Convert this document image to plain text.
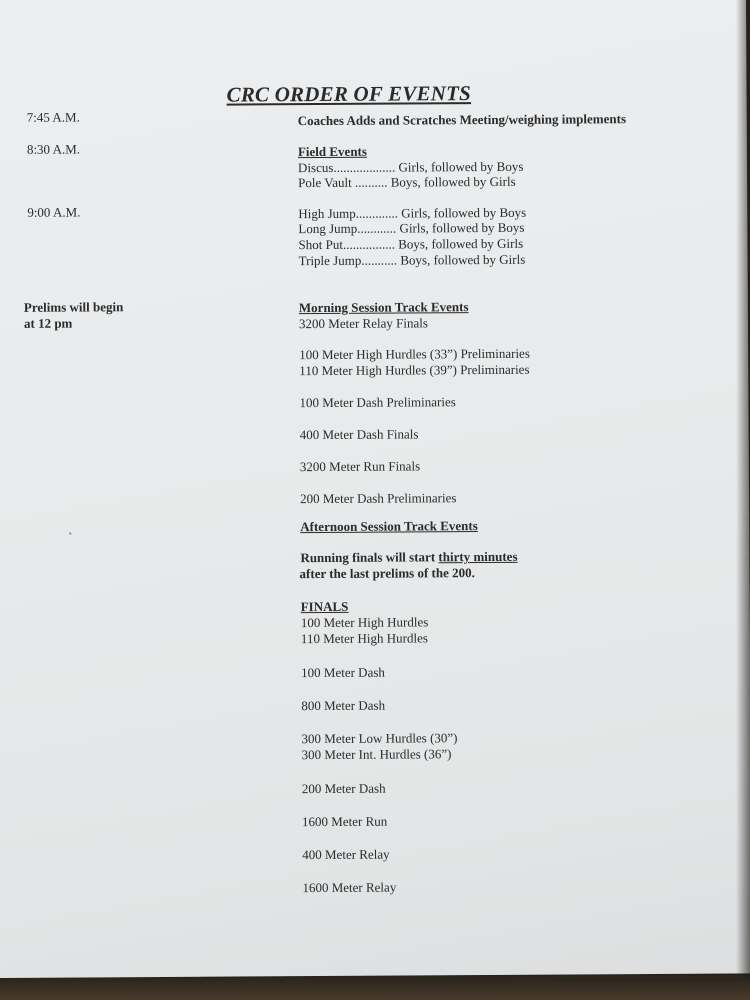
CRC ORDER OF EVENTS
7:45 A.M.
8:30 A.M.
9:00 A.M.
Prelims will begin
at 12 pm
Coaches Adds and Scratches Meeting/weighing implements
Field Events
Discus................... Girls, followed by Boys
Pole Vault .......... Boys, followed by Girls
High Jump............. Girls, followed by Boys
Long Jump............ Girls, followed by Boys
Shot Put................ Boys, followed by Girls
Triple Jump........... Boys, followed by Girls
Morning Session Track Events
3200 Meter Relay Finals
100 Meter High Hurdles (33”) Preliminaries
110 Meter High Hurdles (39”) Preliminaries
100 Meter Dash Preliminaries
400 Meter Dash Finals
3200 Meter Run Finals
200 Meter Dash Preliminaries
Afternoon Session Track Events
Running finals will start thirty minutes
after the last prelims of the 200.
FINALS
100 Meter High Hurdles
110 Meter High Hurdles
100 Meter Dash
800 Meter Dash
300 Meter Low Hurdles (30”)
300 Meter Int. Hurdles (36”)
200 Meter Dash
1600 Meter Run
400 Meter Relay
1600 Meter Relay
